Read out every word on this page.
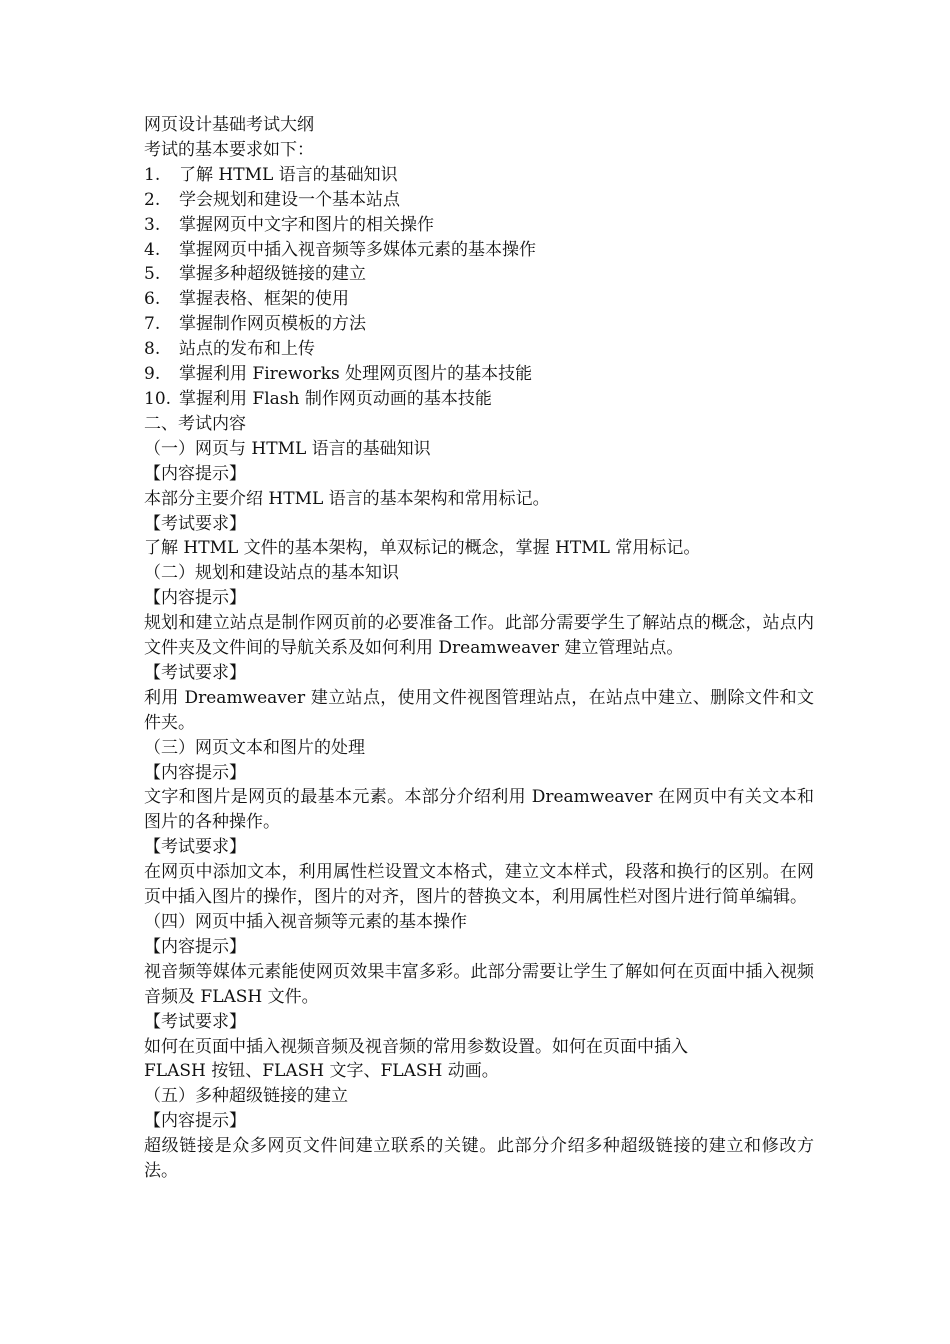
网页设计基础考试大纲
考试的基本要求如下：
1.	了解 HTML 语言的基础知识
2.	学会规划和建设一个基本站点
3.	掌握网页中文字和图片的相关操作
4.	掌握网页中插入视音频等多媒体元素的基本操作
5.	掌握多种超级链接的建立
6.	掌握表格、框架的使用
7.	掌握制作网页模板的方法
8.	站点的发布和上传
9.	掌握利用 Fireworks 处理网页图片的基本技能
10. 掌握利用 Flash 制作网页动画的基本技能
二、考试内容
（一）网页与 HTML 语言的基础知识
【内容提示】
本部分主要介绍 HTML 语言的基本架构和常用标记。
【考试要求】
了解 HTML 文件的基本架构，单双标记的概念，掌握 HTML 常用标记。
（二）规划和建设站点的基本知识
【内容提示】
规划和建立站点是制作网页前的必要准备工作。此部分需要学生了解站点的概念，站点内文件夹及文件间的导航关系及如何利用 Dreamweaver 建立管理站点。
【考试要求】
利用 Dreamweaver 建立站点，使用文件视图管理站点，在站点中建立、删除文件和文件夹。
（三）网页文本和图片的处理
【内容提示】
文字和图片是网页的最基本元素。本部分介绍利用 Dreamweaver 在网页中有关文本和图片的各种操作。
【考试要求】
在网页中添加文本，利用属性栏设置文本格式，建立文本样式，段落和换行的区别。在网页中插入图片的操作，图片的对齐，图片的替换文本，利用属性栏对图片进行简单编辑。
（四）网页中插入视音频等元素的基本操作
【内容提示】
视音频等媒体元素能使网页效果丰富多彩。此部分需要让学生了解如何在页面中插入视频音频及 FLASH 文件。
【考试要求】
如何在页面中插入视频音频及视音频的常用参数设置。如何在页面中插入
FLASH 按钮、FLASH 文字、FLASH 动画。
（五）多种超级链接的建立
【内容提示】
超级链接是众多网页文件间建立联系的关键。此部分介绍多种超级链接的建立和修改方法。
